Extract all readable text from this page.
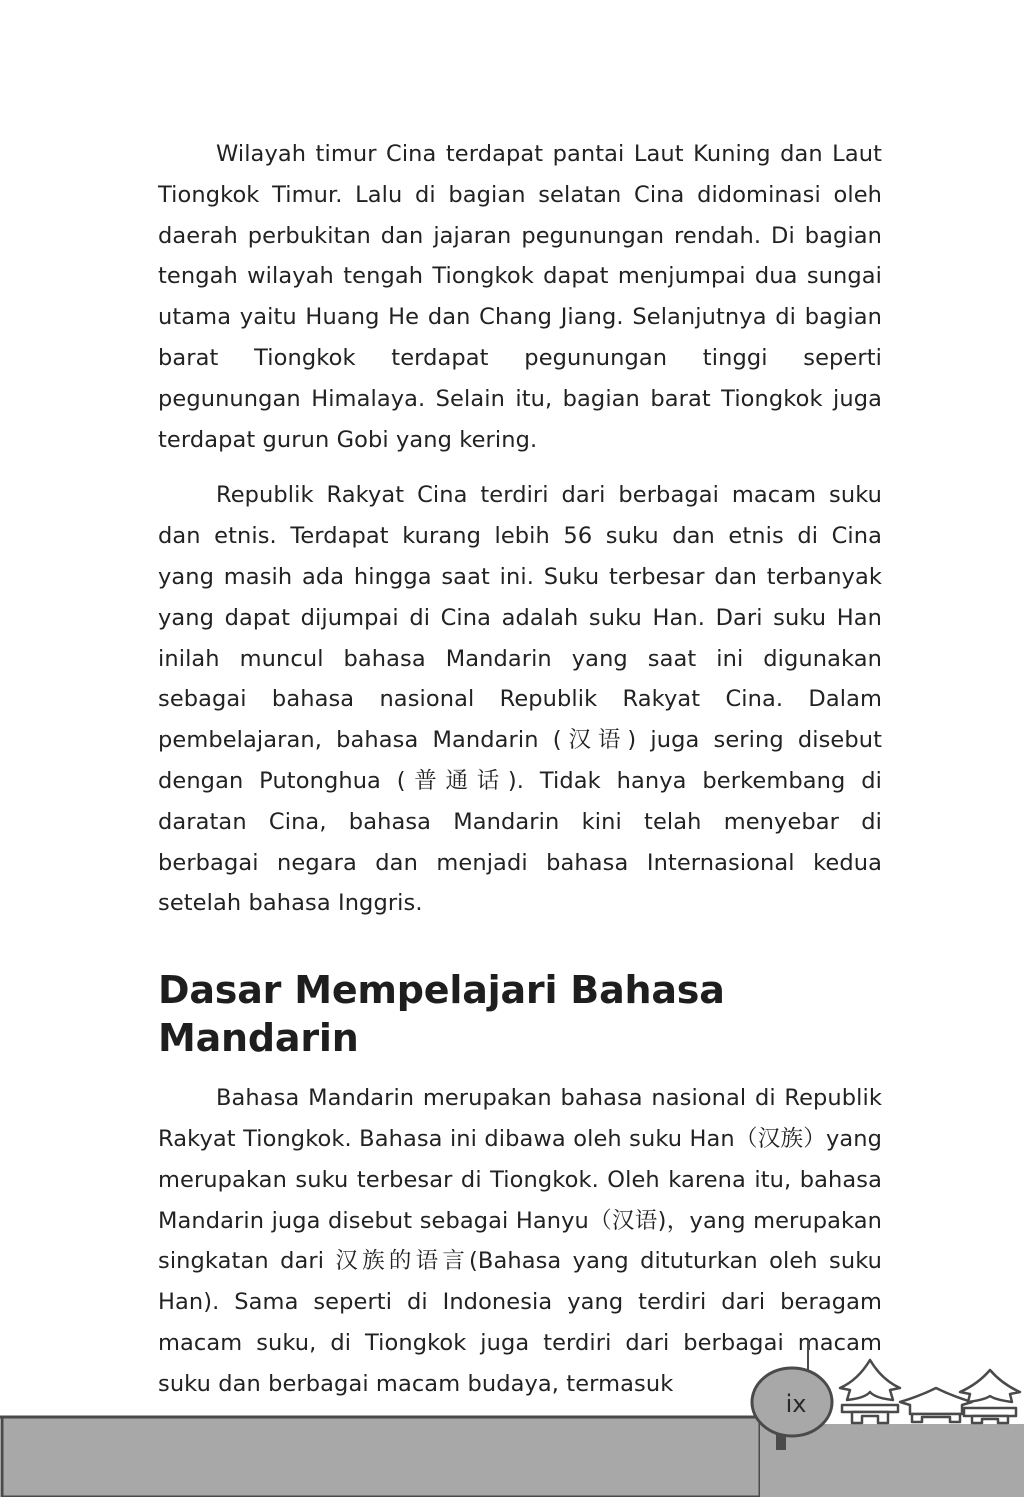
Wilayah timur Cina terdapat pantai Laut Kuning dan Laut Tiongkok Timur. Lalu di bagian selatan Cina didominasi oleh daerah perbukitan dan jajaran pegunungan rendah. Di bagian tengah wilayah tengah Tiongkok dapat menjumpai dua sungai utama yaitu Huang He dan Chang Jiang. Selanjutnya di bagian barat Tiongkok terdapat pegunungan tinggi seperti pegunungan Himalaya. Selain itu, bagian barat Tiongkok juga terdapat gurun Gobi yang kering.

Republik Rakyat Cina terdiri dari berbagai macam suku dan etnis. Terdapat kurang lebih 56 suku dan etnis di Cina yang masih ada hingga saat ini. Suku terbesar dan terbanyak yang dapat dijumpai di Cina adalah suku Han. Dari suku Han inilah muncul bahasa Mandarin yang saat ini digunakan sebagai bahasa nasional Republik Rakyat Cina. Dalam pembelajaran, bahasa Mandarin (汉语) juga sering disebut dengan Putonghua (普通话). Tidak hanya berkembang di daratan Cina, bahasa Mandarin kini telah menyebar di berbagai negara dan menjadi bahasa Internasional kedua setelah bahasa Inggris.

Dasar Mempelajari Bahasa Mandarin

Bahasa Mandarin merupakan bahasa nasional di Republik Rakyat Tiongkok. Bahasa ini dibawa oleh suku Han（汉族）yang merupakan suku terbesar di Tiongkok. Oleh karena itu, bahasa Mandarin juga disebut sebagai Hanyu（汉语)，yang merupakan singkatan dari 汉族的语言(Bahasa yang dituturkan oleh suku Han). Sama seperti di Indonesia yang terdiri dari beragam macam suku, di Tiongkok juga terdiri dari berbagai macam suku dan berbagai macam budaya, termasuk

ix
